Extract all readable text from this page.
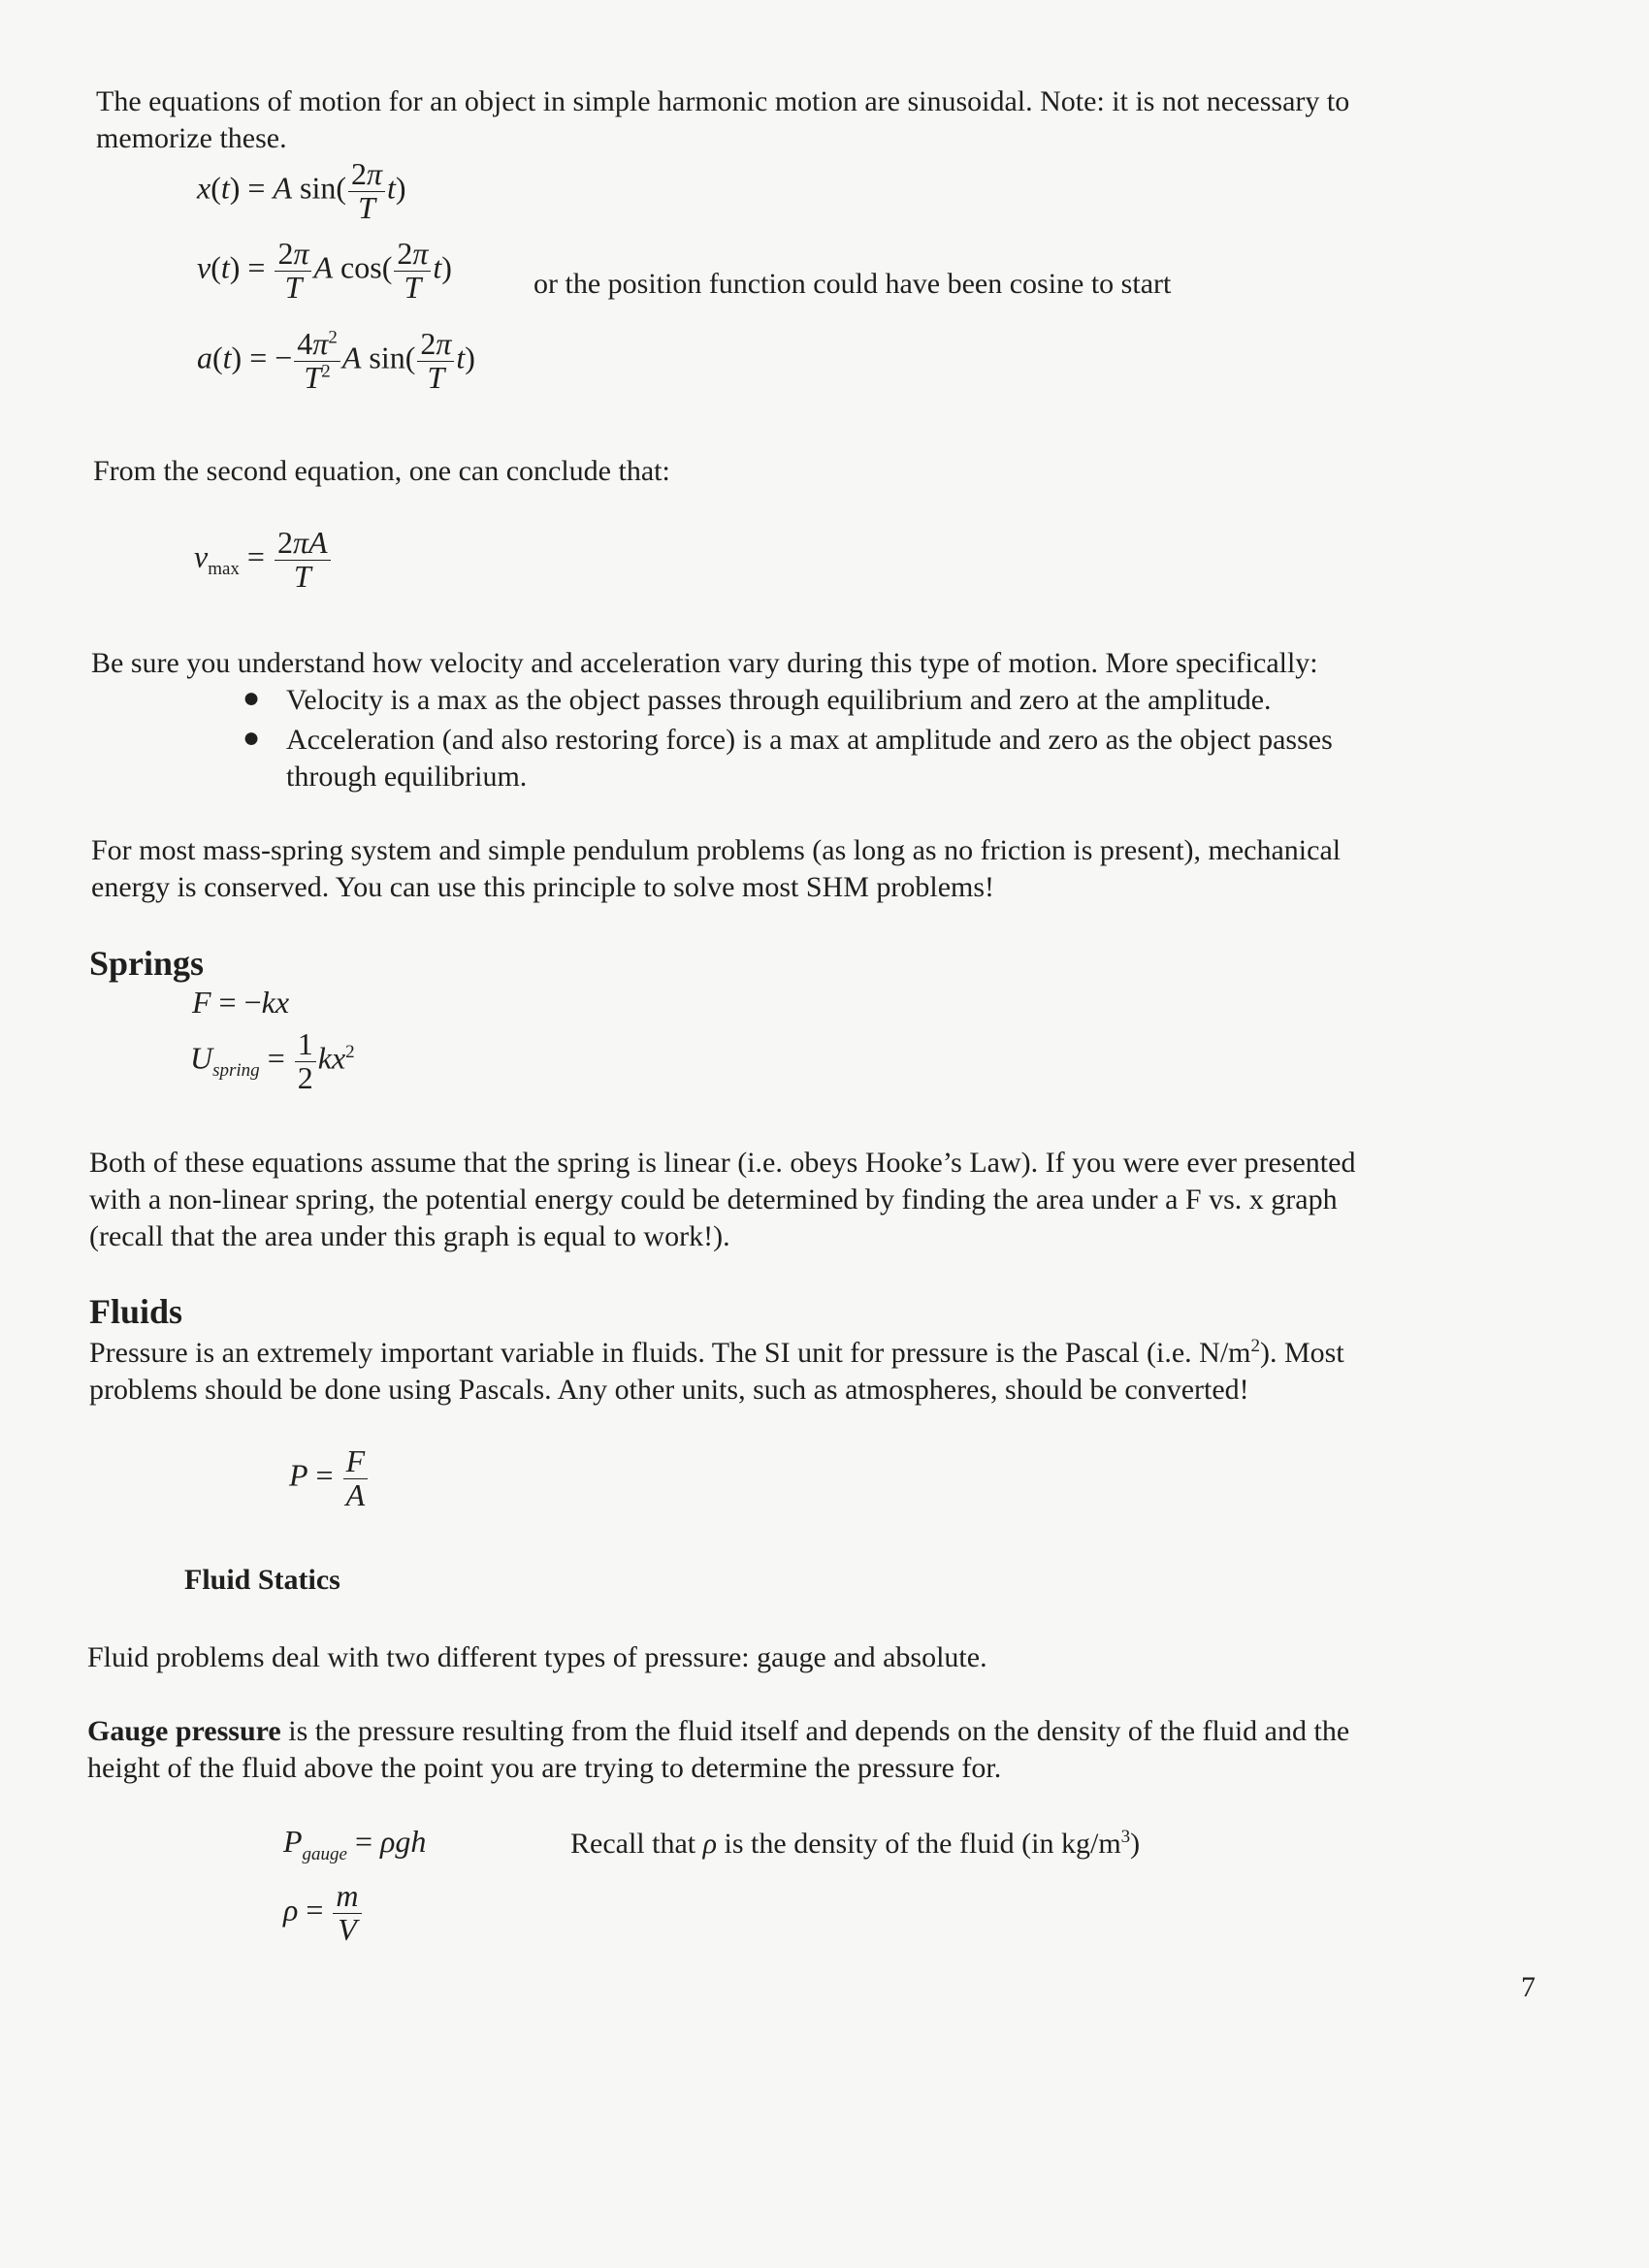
The equations of motion for an object in simple harmonic motion are sinusoidal. Note: it is not necessary to
memorize these.
x(t) = A $\sin( \frac{2\pi}{T} t)$
$v(t) = \frac{2\pi}{T}$ A $\cos( \frac{2\pi}{T} t)$	or the position function could have been cosine to start
a(t) = − $\frac{4\pi^2}{T^2}$ A $\sin( \frac{2\pi}{T} t)$
From the second equation, one can conclude that:
$v_{max} = \frac{2\pi A}{T}$
Be sure you understand how velocity and acceleration vary during this type of motion. More specifically:
● Velocity is a max as the object passes through equilibrium and zero at the amplitude.
● Acceleration (and also restoring force) is a max at amplitude and zero as the object passes
through equilibrium.
For most mass-spring system and simple pendulum problems (as long as no friction is present), mechanical
energy is conserved. You can use this principle to solve most SHM problems!
Springs
F = −kx
$U_{spring} = \frac{1}{2} kx^2$
Both of these equations assume that the spring is linear (i.e. obeys Hooke’s Law). If you were ever presented
with a non-linear spring, the potential energy could be determined by finding the area under a F vs. x graph
(recall that the area under this graph is equal to work!).
Fluids
Pressure is an extremely important variable in fluids. The SI unit for pressure is the Pascal (i.e. $N/m^2$). Most
problems should be done using Pascals. Any other units, such as atmospheres, should be converted!
$P = \frac{F}{A}$
Fluid Statics
Fluid problems deal with two different types of pressure: gauge and absolute.
Gauge pressure is the pressure resulting from the fluid itself and depends on the density of the fluid and the
height of the fluid above the point you are trying to determine the pressure for.
$P_{gauge} = \rho gh$	Recall that ρ is the density of the fluid (in $kg/m^3$)
$\rho = \frac{m}{V}$
7
